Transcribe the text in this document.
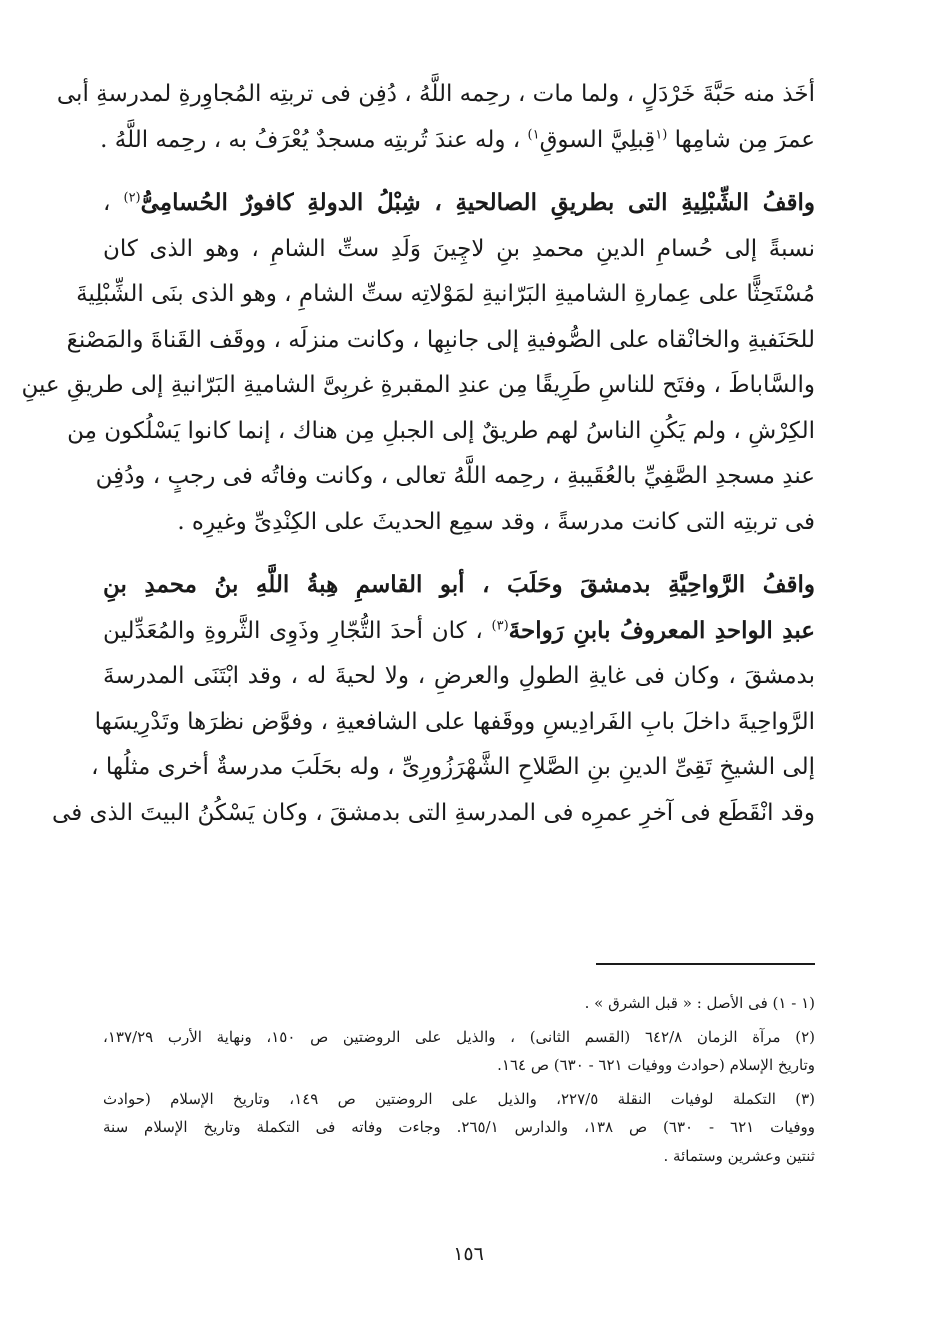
أخَذ منه حَبَّةَ خَرْدَلٍ ، ولما مات ، رحِمه اللَّهُ ، دُفِن فى تربتِه المُجاوِرةِ لمدرسةِ أبى
عمرَ مِن شامِها $^{(١}$قِبلِيَّ السوقِ$^{١)}$ ، وله عندَ تُربتِه مسجدٌ يُعْرَفُ به ، رحِمه اللَّهُ .
واقفُ الشِّبْلِيةِ التى بطريقِ الصالحيةِ ، شِبْلُ الدولةِ كافورٌ الحُسامِىُّ$^{(٢)}$ ،
نسبةً إلى حُسامِ الدينِ محمدِ بنِ لاچِينَ وَلَدِ ستِّ الشامِ ، وهو الذى كان
مُسْتَحِثًّا على عِمارةِ الشاميةِ البَرّانيةِ لمَوْلاتِه ستِّ الشامِ ، وهو الذى بنَى الشِّبْلِيةَ
للحَنَفيةِ والخانْقاه على الصُّوفيةِ إلى جانبِها ، وكانت منزلَه ، ووقَف القَناةَ والمَصْنعَ
والسَّاباطَ ، وفتَح للناسِ طَرِيقًا مِن عندِ المقبرةِ غربِىَّ الشاميةِ البَرّانيةِ إلى طريقِ عينِ
الكِرْشِ ، ولم يَكُنِ الناسُ لهم طريقٌ إلى الجبلِ مِن هناك ، إنما كانوا يَسْلُكون مِن
عندِ مسجدِ الصَّفِيِّ بالعُقَيبةِ ، رحِمه اللَّهُ تعالى ، وكانت وفاتُه فى رجبٍ ، ودُفِن
فى تربتِه التى كانت مدرسةً ، وقد سمِع الحديثَ على الكِنْدِىِّ وغيرِه .
واقفُ الرَّواحِيَّةِ بدمشقَ وحَلَبَ ، أبو القاسمِ هِبةُ اللَّهِ بنُ محمدِ بنِ
عبدِ الواحدِ المعروفُ بابنِ رَواحةَ$^{(٣)}$ ، كان أحدَ التُّجّارِ وذَوِى الثَّروةِ والمُعَدِّلين
بدمشقَ ، وكان فى غايةِ الطولِ والعرضِ ، ولا لحيةَ له ، وقد ابْتَنَى المدرسةَ
الرَّواحِيةَ داخلَ بابِ الفَرادِيسِ ووقَفها على الشافعيةِ ، وفوَّض نظرَها وتَدْرِيسَها
إلى الشيخِ تَقِىِّ الدينِ بنِ الصَّلاحِ الشَّهْرَزُورِىِّ ، وله بحَلَبَ مدرسةٌ أخرى مثلُها ،
وقد انْقَطَع فى آخرِ عمرِه فى المدرسةِ التى بدمشقَ ، وكان يَسْكُنُ البيتَ الذى فى
(١ - ١) فى الأصل : « قبل الشرق » .
(٢) مرآة الزمان ٦٤٢/٨ (القسم الثانى) ، والذيل على الروضتين ص ١٥٠، ونهاية الأرب ١٣٧/٢٩،
وتاريخ الإسلام (حوادث ووفيات ٦٢١ - ٦٣٠) ص ١٦٤.
(٣) التكملة لوفيات النقلة ٢٢٧/٥، والذيل على الروضتين ص ١٤٩، وتاريخ الإسلام (حوادث
ووفيات ٦٢١ - ٦٣٠) ص ١٣٨، والدارس ٢٦٥/١. وجاءت وفاته فى التكملة وتاريخ الإسلام سنة
ثنتين وعشرين وستمائة .
١٥٦
